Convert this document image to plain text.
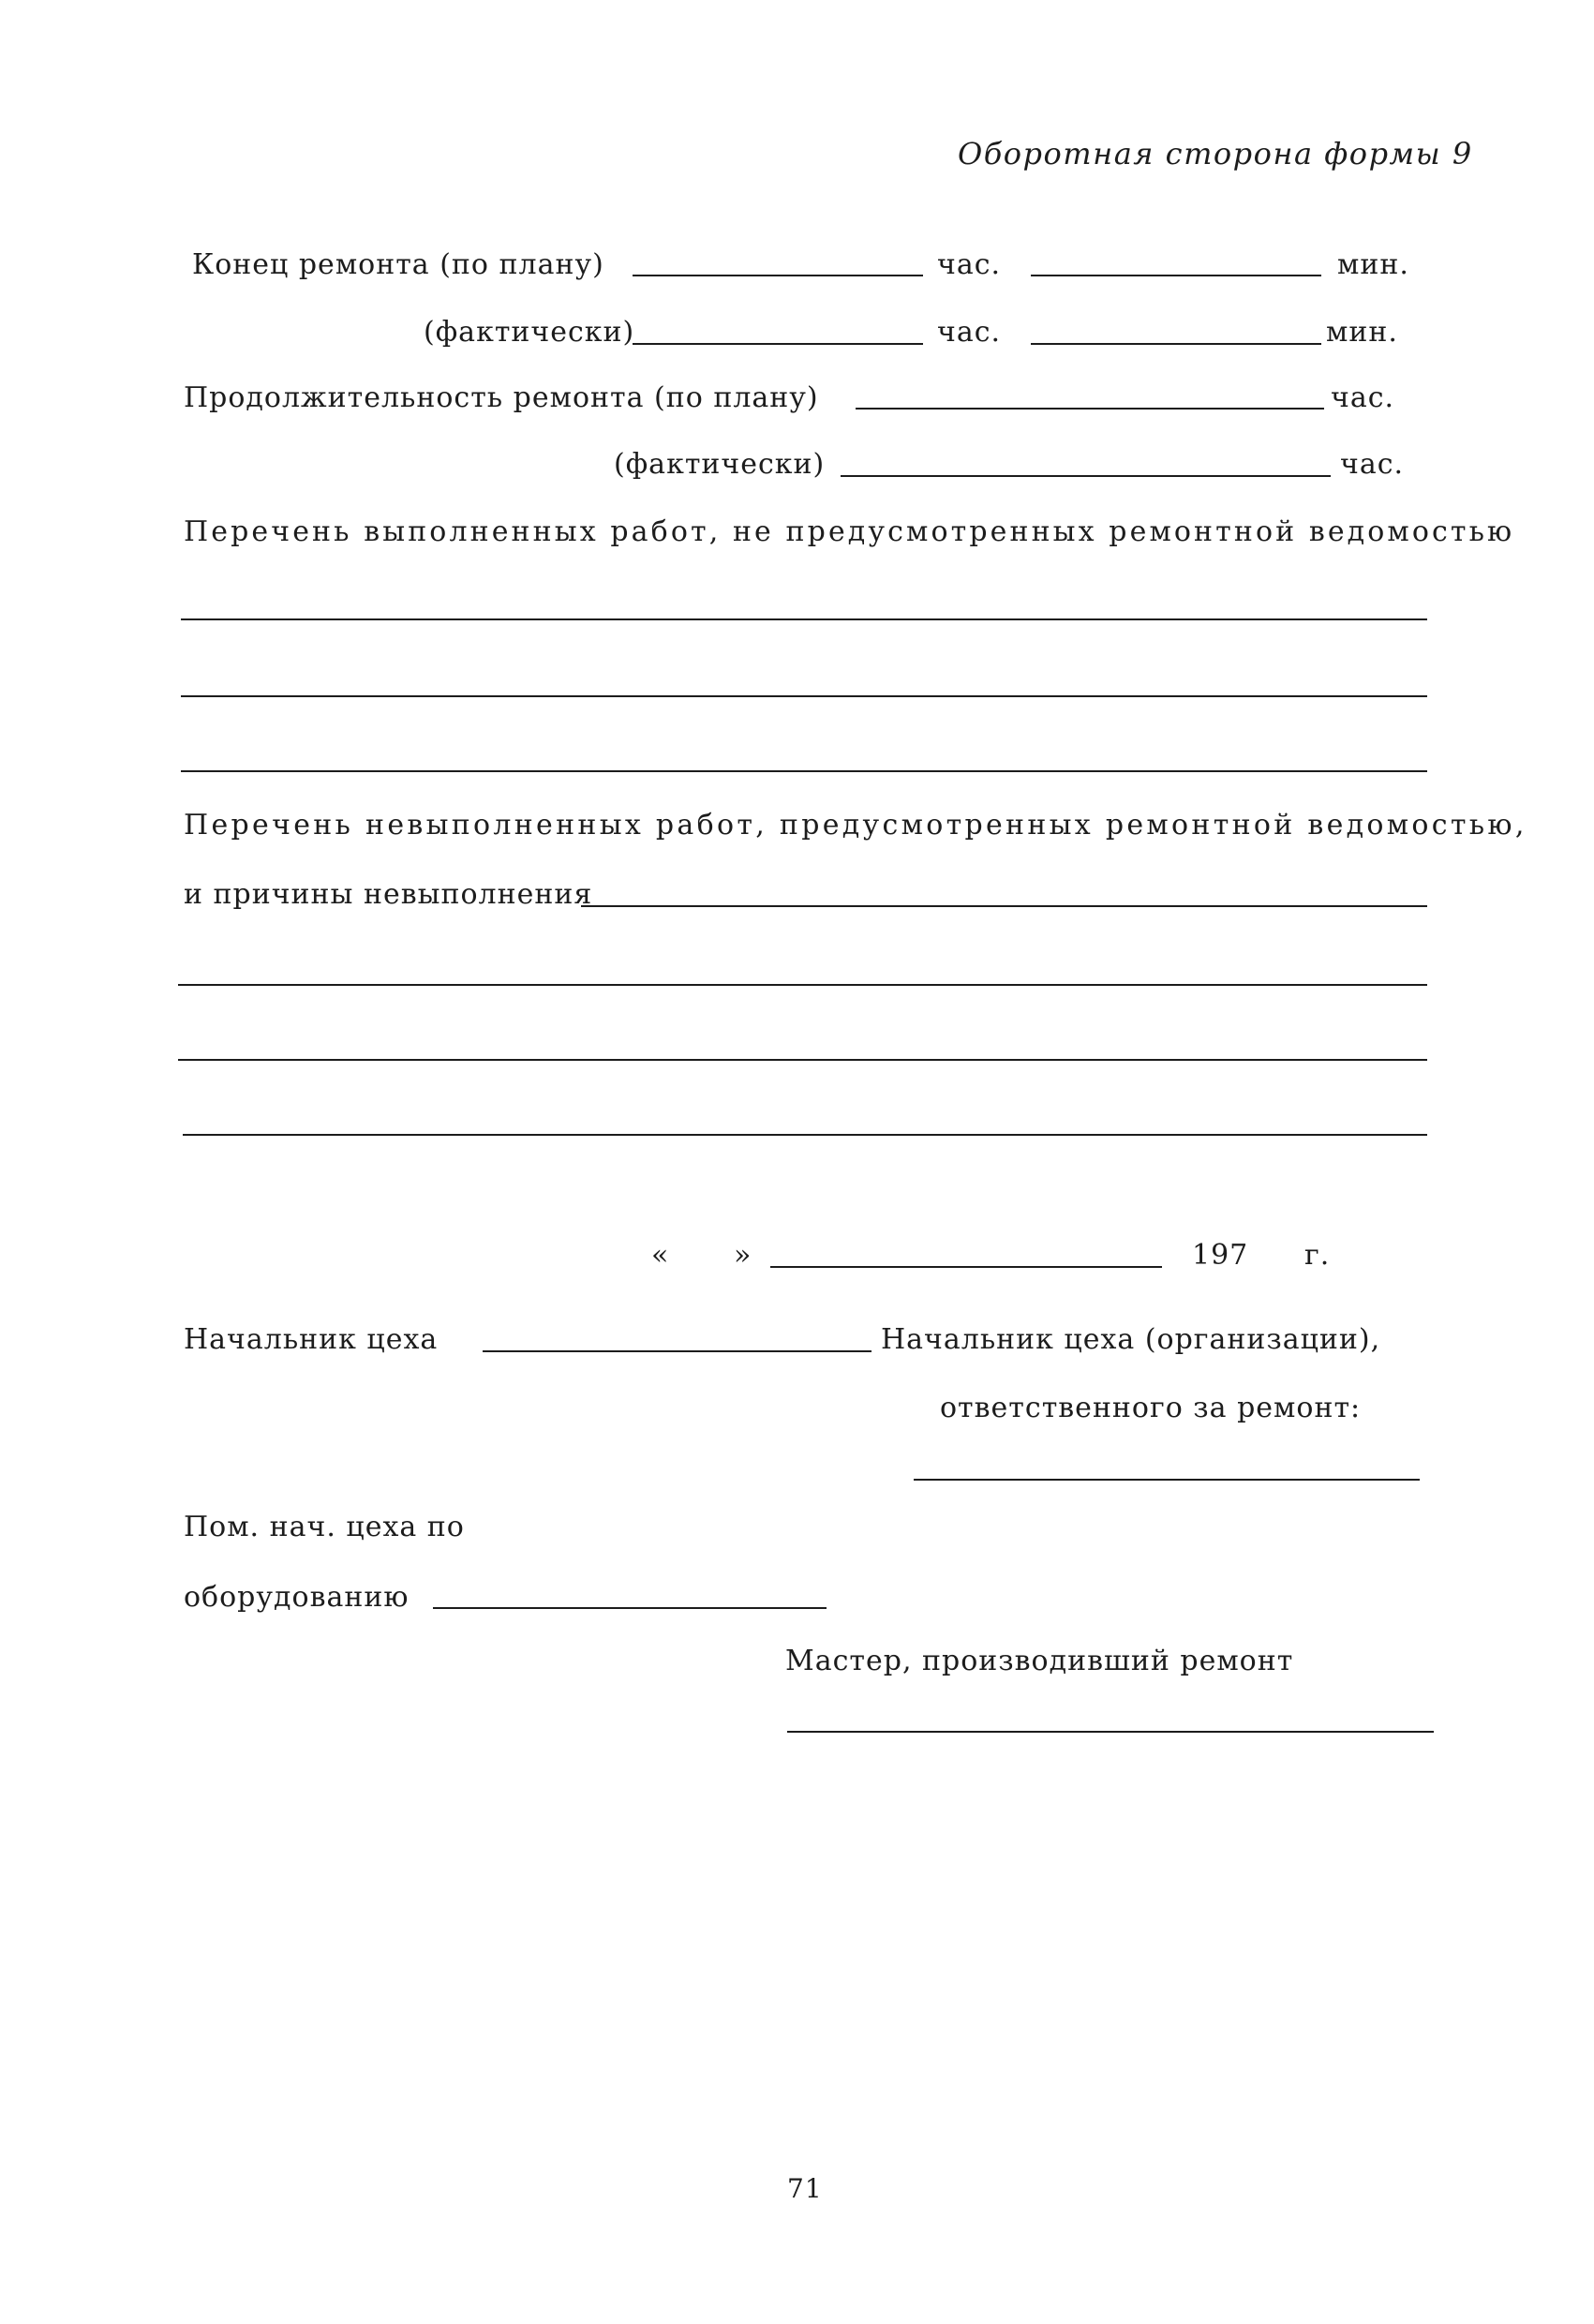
Оборотная сторона формы 9
Конец ремонта (по плану)	час.	мин.
(фактически)	час.	мин.
Продолжительность ремонта (по плану)	час.
(фактически)	час.
Перечень выполненных работ, не предусмотренных ремонтной ведомостью
Перечень невыполненных работ, предусмотренных ремонтной ведомостью,
и причины невыполнения
« »	197 г.
Начальник цеха	Начальник цеха (организации),
ответственного за ремонт:
Пом. нач. цеха по
оборудованию
Мастер, производивший ремонт
71
